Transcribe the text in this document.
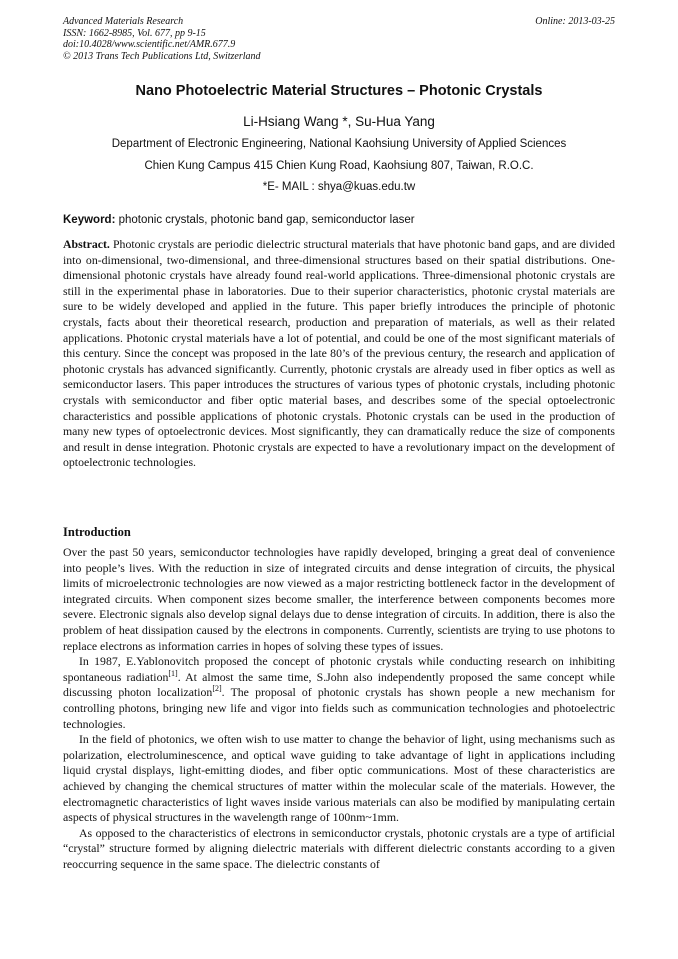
Advanced Materials Research
ISSN: 1662-8985, Vol. 677, pp 9-15
doi:10.4028/www.scientific.net/AMR.677.9
© 2013 Trans Tech Publications Ltd, Switzerland
Online: 2013-03-25
Nano Photoelectric Material Structures – Photonic Crystals
Li-Hsiang Wang *, Su-Hua Yang
Department of Electronic Engineering, National Kaohsiung University of Applied Sciences
Chien Kung Campus 415 Chien Kung Road, Kaohsiung 807, Taiwan, R.O.C.
*E- MAIL : shya@kuas.edu.tw
Keyword: photonic crystals, photonic band gap, semiconductor laser
Abstract. Photonic crystals are periodic dielectric structural materials that have photonic band gaps, and are divided into on-dimensional, two-dimensional, and three-dimensional structures based on their spatial distributions. One-dimensional photonic crystals have already found real-world applications. Three-dimensional photonic crystals are still in the experimental phase in laboratories. Due to their superior characteristics, photonic crystal materials are sure to be widely developed and applied in the future. This paper briefly introduces the principle of photonic crystals, facts about their theoretical research, production and preparation of materials, as well as their related applications. Photonic crystal materials have a lot of potential, and could be one of the most significant materials of this century. Since the concept was proposed in the late 80’s of the previous century, the research and application of photonic crystals has advanced significantly. Currently, photonic crystals are already used in fiber optics as well as semiconductor lasers. This paper introduces the structures of various types of photonic crystals, including photonic crystals with semiconductor and fiber optic material bases, and describes some of the special optoelectronic characteristics and possible applications of photonic crystals. Photonic crystals can be used in the production of many new types of optoelectronic devices. Most significantly, they can dramatically reduce the size of components and result in dense integration. Photonic crystals are expected to have a revolutionary impact on the development of optoelectronic technologies.
Introduction

Over the past 50 years, semiconductor technologies have rapidly developed, bringing a great deal of convenience into people’s lives. With the reduction in size of integrated circuits and dense integration of circuits, the physical limits of microelectronic technologies are now viewed as a major restricting bottleneck factor in the development of integrated circuits. When component sizes become smaller, the interference between components becomes more severe. Electronic signals also develop signal delays due to dense integration of circuits. In addition, there is also the problem of heat dissipation caused by the electrons in components. Currently, scientists are trying to use photons to replace electrons as information carries in hopes of solving these types of issues.

In 1987, E.Yablonovitch proposed the concept of photonic crystals while conducting research on inhibiting spontaneous radiation[1]. At almost the same time, S.John also independently proposed the same concept while discussing photon localization[2]. The proposal of photonic crystals has shown people a new mechanism for controlling photons, bringing new life and vigor into fields such as communication technologies and photoelectric technologies.

In the field of photonics, we often wish to use matter to change the behavior of light, using mechanisms such as polarization, electroluminescence, and optical wave guiding to take advantage of light in applications including liquid crystal displays, light-emitting diodes, and fiber optic communications. Most of these characteristics are achieved by changing the chemical structures of matter within the molecular scale of the materials. However, the electromagnetic characteristics of light waves inside various materials can also be modified by manipulating certain aspects of physical structures in the wavelength range of 100nm~1mm.

As opposed to the characteristics of electrons in semiconductor crystals, photonic crystals are a type of artificial “crystal” structure formed by aligning dielectric materials with different dielectric constants according to a given reoccurring sequence in the same space. The dielectric constants of
